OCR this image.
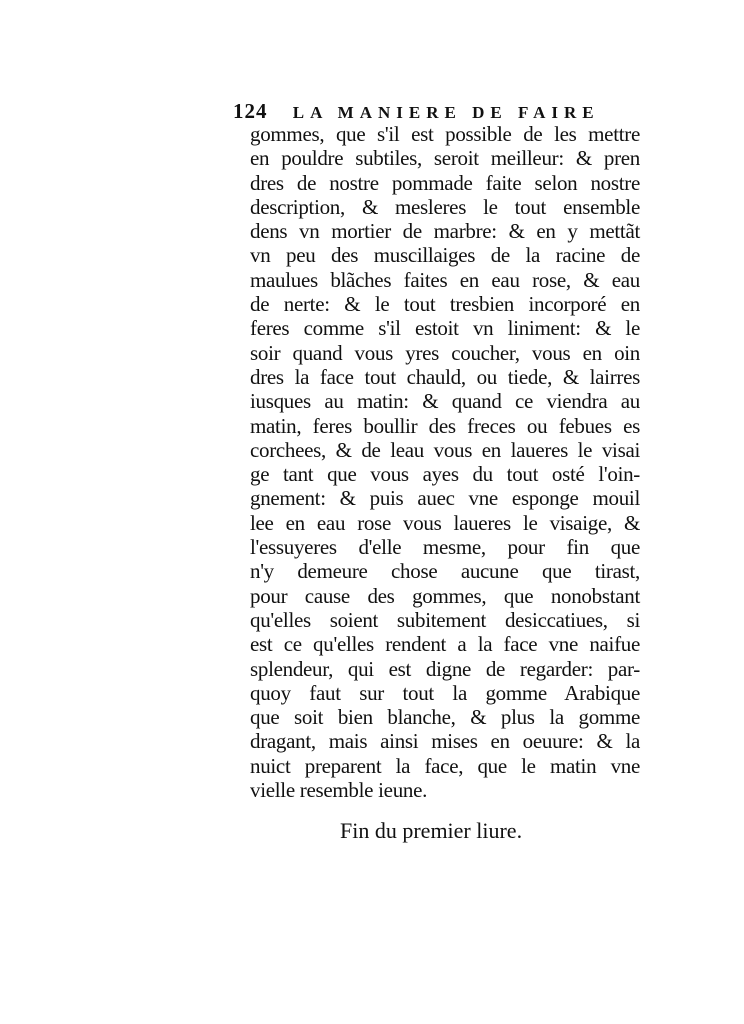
124 LA MANIERE DE FAIRE
gommes, que s'il est possible de les mettre
en pouldre subtiles, seroit meilleur: & pren
dres de nostre pommade faite selon nostre
description, & mesleres le tout ensemble
dens vn mortier de marbre: & en y mettãt
vn peu des muscillaiges de la racine de
maulues blãches faites en eau rose, & eau
de nerte: & le tout tresbien incorporé en
feres comme s'il estoit vn liniment: & le
soir quand vous yres coucher, vous en oin
dres la face tout chauld, ou tiede, & lairres
iusques au matin: & quand ce viendra au
matin, feres boullir des freces ou febues es
corchees, & de leau vous en laueres le visai
ge tant que vous ayes du tout osté l'oin-
gnement: & puis auec vne esponge mouil
lee en eau rose vous laueres le visaige, &
l'essuyeres d'elle mesme, pour fin que
n'y demeure chose aucune que tirast,
pour cause des gommes, que nonobstant
qu'elles soient subitement desiccatiues, si
est ce qu'elles rendent a la face vne naifue
splendeur, qui est digne de regarder: par-
quoy faut sur tout la gomme Arabique
que soit bien blanche, & plus la gomme
dragant, mais ainsi mises en oeuure: & la
nuict preparent la face, que le matin vne
vielle resemble ieune.
Fin du premier liure.
